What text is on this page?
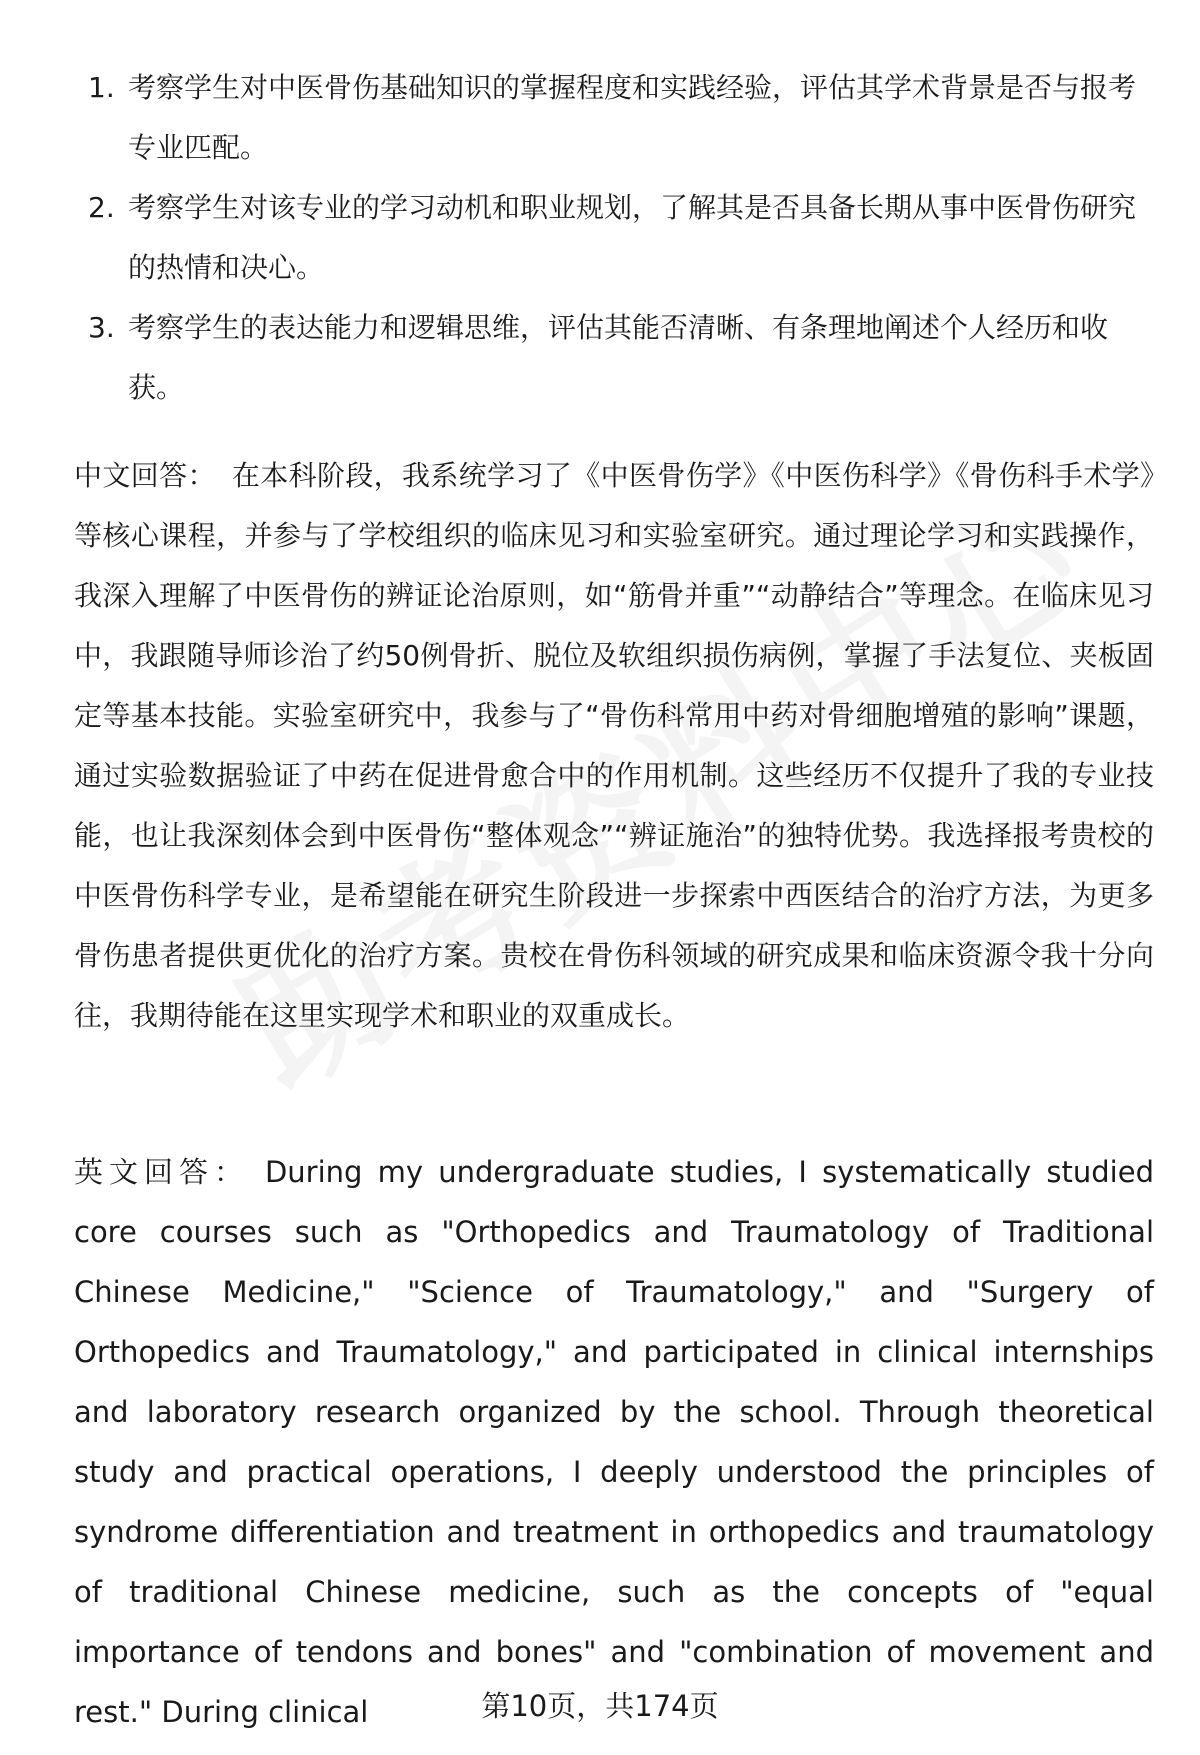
1. 考察学生对中医骨伤基础知识的掌握程度和实践经验，评估其学术背景是否与报考专业匹配。
2. 考察学生对该专业的学习动机和职业规划，了解其是否具备长期从事中医骨伤研究的热情和决心。
3. 考察学生的表达能力和逻辑思维，评估其能否清晰、有条理地阐述个人经历和收获。

中文回答： 在本科阶段，我系统学习了《中医骨伤学》《中医伤科学》《骨伤科手术学》等核心课程，并参与了学校组织的临床见习和实验室研究。通过理论学习和实践操作，我深入理解了中医骨伤的辨证论治原则，如“筋骨并重”“动静结合”等理念。在临床见习中，我跟随导师诊治了约50例骨折、脱位及软组织损伤病例，掌握了手法复位、夹板固定等基本技能。实验室研究中，我参与了“骨伤科常用中药对骨细胞增殖的影响”课题，通过实验数据验证了中药在促进骨愈合中的作用机制。这些经历不仅提升了我的专业技能，也让我深刻体会到中医骨伤“整体观念”“辨证施治”的独特优势。我选择报考贵校的中医骨伤科学专业，是希望能在研究生阶段进一步探索中西医结合的治疗方法，为更多骨伤患者提供更优化的治疗方案。贵校在骨伤科领域的研究成果和临床资源令我十分向往，我期待能在这里实现学术和职业的双重成长。

英文回答： During my undergraduate studies, I systematically studied core courses such as "Orthopedics and Traumatology of Traditional Chinese Medicine," "Science of Traumatology," and "Surgery of Orthopedics and Traumatology," and participated in clinical internships and laboratory research organized by the school. Through theoretical study and practical operations, I deeply understood the principles of syndrome differentiation and treatment in orthopedics and traumatology of traditional Chinese medicine, such as the concepts of "equal importance of tendons and bones" and "combination of movement and rest." During clinical	第10页，共174页
